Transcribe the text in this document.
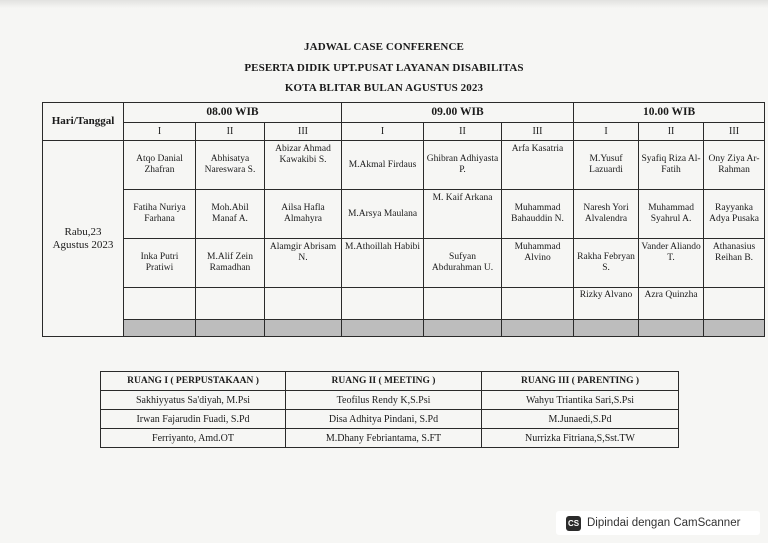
JADWAL CASE CONFERENCE
PESERTA DIDIK UPT.PUSAT LAYANAN DISABILITAS
KOTA BLITAR BULAN AGUSTUS 2023
Hari/Tanggal	08.00 WIB			09.00 WIB			10.00 WIB		
	I	II	III	I	II	III	I	II	III
Rabu,23
Agustus 2023	Atqo Danial Zhafran	Abhisatya Nareswara S.	Abizar Ahmad Kawakibi S.	M.Akmal Firdaus	Ghibran Adhiyasta P.	Arfa Kasatria	M.Yusuf Lazuardi	Syafiq Riza Al-Fatih	Ony Ziya Ar-Rahman
	Fatiha Nuriya Farhana	Moh.Abil Manaf A.	Ailsa Hafla Almahyra	M.Arsya Maulana	M. Kaif Arkana	Muhammad Bahauddin N.	Naresh Yori Alvalendra	Muhammad Syahrul A.	Rayyanka Adya Pusaka
	Inka Putri Pratiwi	M.Alif Zein Ramadhan	Alamgir Abrisam N.	M.Athoillah Habibi	Sufyan Abdurahman U.	Muhammad Alvino	Rakha Febryan S.	Vander Aliando T.	Athanasius Reihan B.
							Rizky Alvano	Azra Quinzha	

RUANG I ( PERPUSTAKAAN )	RUANG II ( MEETING )	RUANG III ( PARENTING )
Sakhiyyatus Sa'diyah, M.Psi	Teofilus Rendy K,S.Psi	Wahyu Triantika Sari,S.Psi
Irwan Fajarudin Fuadi, S.Pd	Disa Adhitya Pindani, S.Pd	M.Junaedi,S.Pd
Ferriyanto, Amd.OT	M.Dhany Febriantama, S.FT	Nurrizka Fitriana,S,Sst.TW
CS Dipindai dengan CamScanner
